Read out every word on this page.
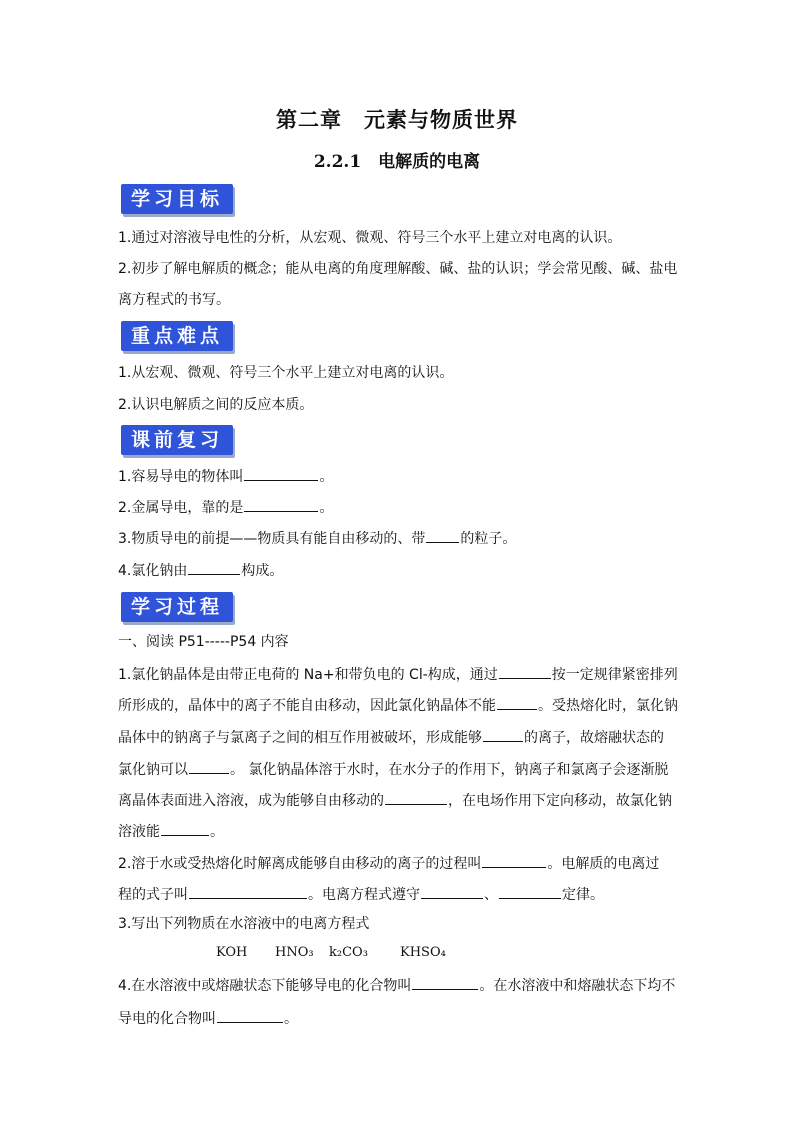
第二章　元素与物质世界
2.2.1　电解质的电离
学习目标
1.通过对溶液导电性的分析，从宏观、微观、符号三个水平上建立对电离的认识。
2.初步了解电解质的概念；能从电离的角度理解酸、碱、盐的认识；学会常见酸、碱、盐电
离方程式的书写。
重点难点
1.从宏观、微观、符号三个水平上建立对电离的认识。
2.认识电解质之间的反应本质。
课前复习
1.容易导电的物体叫	。
2.金属导电，靠的是	。
3.物质导电的前提——物质具有能自由移动的、带	的粒子。
4.氯化钠由	构成。
学习过程
一、阅读 P51-----P54 内容
1.氯化钠晶体是由带正电荷的 Na+和带负电的 Cl-构成，通过	按一定规律紧密排列
所形成的，晶体中的离子不能自由移动，因此氯化钠晶体不能	。受热熔化时，氯化钠
晶体中的钠离子与氯离子之间的相互作用被破坏，形成能够	的离子，故熔融状态的
氯化钠可以	。 氯化钠晶体溶于水时，在水分子的作用下，钠离子和氯离子会逐渐脱
离晶体表面进入溶液，成为能够自由移动的	，在电场作用下定向移动，故氯化钠
溶液能	。
2.溶于水或受热熔化时解离成能够自由移动的离子的过程叫	。电解质的电离过
程的式子叫	。电离方程式遵守	、	定律。
3.写出下列物质在水溶液中的电离方程式
KOH HNO₃ k₂CO₃ KHSO₄
4.在水溶液中或熔融状态下能够导电的化合物叫	。在水溶液中和熔融状态下均不
导电的化合物叫	。
